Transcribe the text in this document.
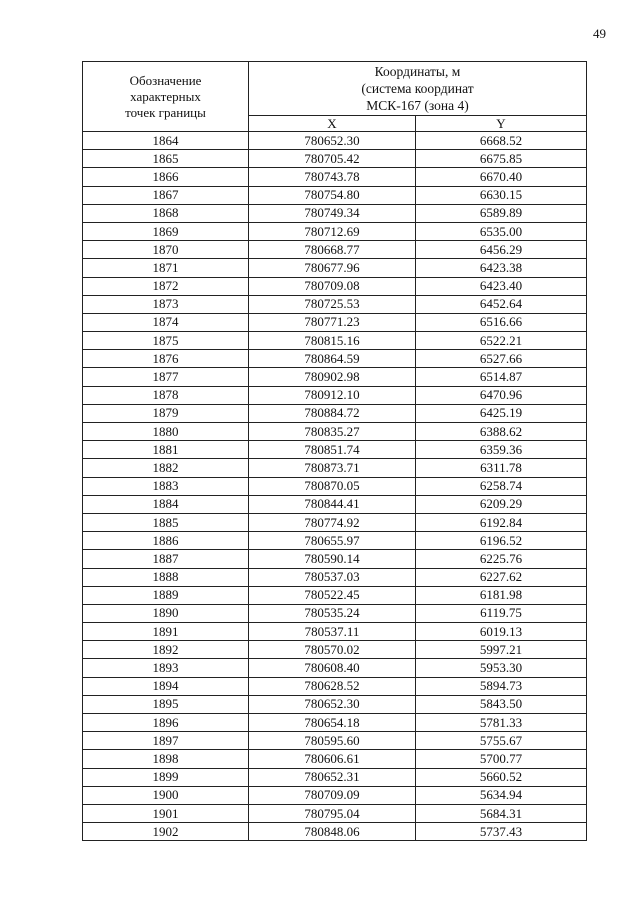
49
Обозначение
характерных
точек границы	Координаты, м
(система координат
МСК-167 (зона 4)	

	X	Y
1864	780652.30	6668.52
1865	780705.42	6675.85
1866	780743.78	6670.40
1867	780754.80	6630.15
1868	780749.34	6589.89
1869	780712.69	6535.00
1870	780668.77	6456.29
1871	780677.96	6423.38
1872	780709.08	6423.40
1873	780725.53	6452.64
1874	780771.23	6516.66
1875	780815.16	6522.21
1876	780864.59	6527.66
1877	780902.98	6514.87
1878	780912.10	6470.96
1879	780884.72	6425.19
1880	780835.27	6388.62
1881	780851.74	6359.36
1882	780873.71	6311.78
1883	780870.05	6258.74
1884	780844.41	6209.29
1885	780774.92	6192.84
1886	780655.97	6196.52
1887	780590.14	6225.76
1888	780537.03	6227.62
1889	780522.45	6181.98
1890	780535.24	6119.75
1891	780537.11	6019.13
1892	780570.02	5997.21
1893	780608.40	5953.30
1894	780628.52	5894.73
1895	780652.30	5843.50
1896	780654.18	5781.33
1897	780595.60	5755.67
1898	780606.61	5700.77
1899	780652.31	5660.52
1900	780709.09	5634.94
1901	780795.04	5684.31
1902	780848.06	5737.43
